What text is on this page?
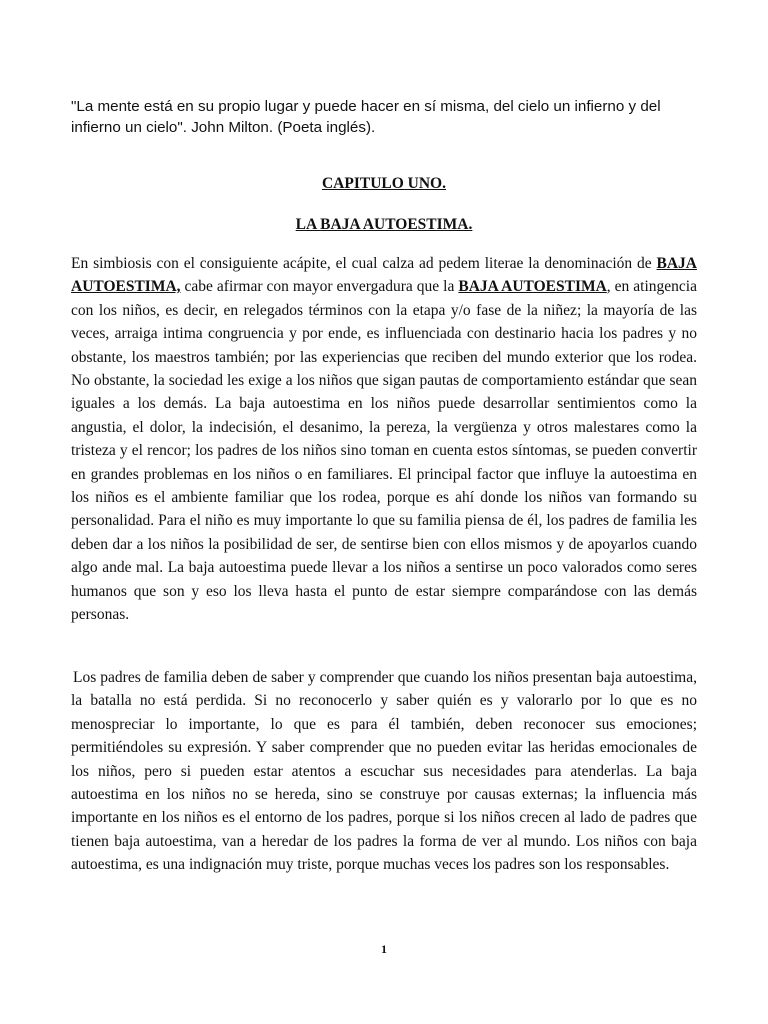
"La mente está en su propio lugar y puede hacer en sí misma, del cielo un infierno y del infierno un cielo". John Milton. (Poeta inglés).

CAPITULO UNO.

LA BAJA AUTOESTIMA.

En simbiosis con el consiguiente acápite, el cual calza ad pedem literae la denominación de BAJA AUTOESTIMA, cabe afirmar con mayor envergadura que la BAJA AUTOESTIMA, en atingencia con los niños, es decir, en relegados términos con la etapa y/o fase de la niñez; la mayoría de las veces, arraiga intima congruencia y por ende, es influenciada con destinario hacia los padres y no obstante, los maestros también; por las experiencias que reciben del mundo exterior que los rodea. No obstante, la sociedad les exige a los niños que sigan pautas de comportamiento estándar que sean iguales a los demás. La baja autoestima en los niños puede desarrollar sentimientos como la angustia, el dolor, la indecisión, el desanimo, la pereza, la vergüenza y otros malestares como la tristeza y el rencor; los padres de los niños sino toman en cuenta estos síntomas, se pueden convertir en grandes problemas en los niños o en familiares. El principal factor que influye la autoestima en los niños es el ambiente familiar que los rodea, porque es ahí donde los niños van formando su personalidad. Para el niño es muy importante lo que su familia piensa de él, los padres de familia les deben dar a los niños la posibilidad de ser, de sentirse bien con ellos mismos y de apoyarlos cuando algo ande mal. La baja autoestima puede llevar a los niños a sentirse un poco valorados como seres humanos que son y eso los lleva hasta el punto de estar siempre comparándose con las demás personas.

Los padres de familia deben de saber y comprender que cuando los niños presentan baja autoestima, la batalla no está perdida. Si no reconocerlo y saber quién es y valorarlo por lo que es no menospreciar lo importante, lo que es para él también, deben reconocer sus emociones; permitiéndoles su expresión. Y saber comprender que no pueden evitar las heridas emocionales de los niños, pero si pueden estar atentos a escuchar sus necesidades para atenderlas. La baja autoestima en los niños no se hereda, sino se construye por causas externas; la influencia más importante en los niños es el entorno de los padres, porque si los niños crecen al lado de padres que tienen baja autoestima, van a heredar de los padres la forma de ver al mundo. Los niños con baja autoestima, es una indignación muy triste, porque muchas veces los padres son los responsables.

1
